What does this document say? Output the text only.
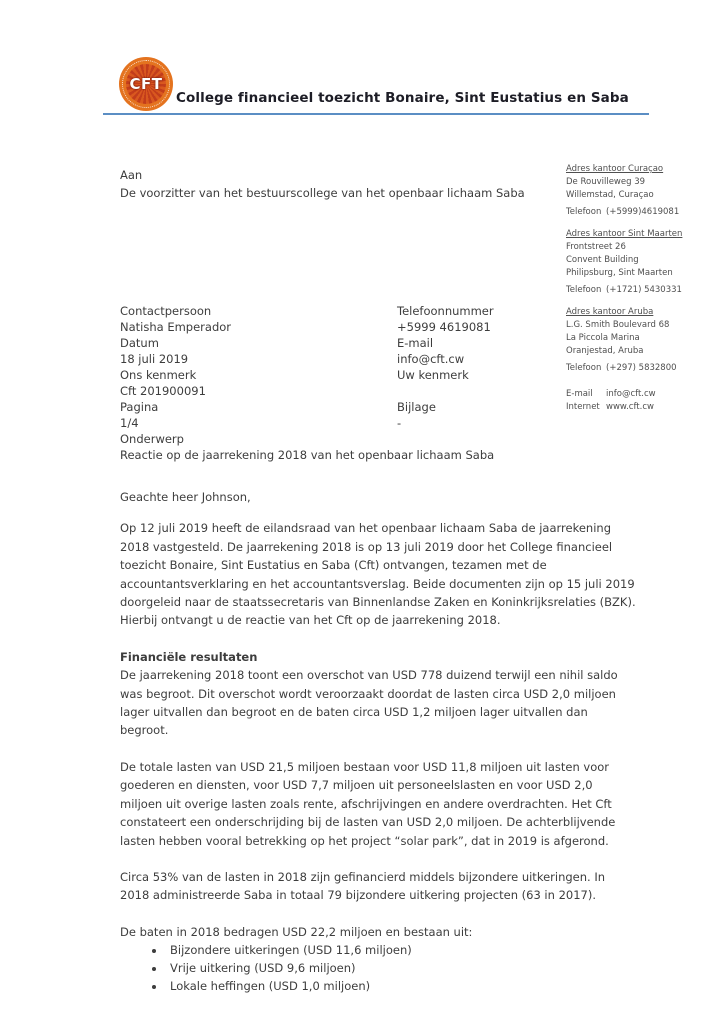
CFT
College financieel toezicht Bonaire, Sint Eustatius en Saba
Aan
De voorzitter van het bestuurscollege van het openbaar lichaam Saba
Adres kantoor Curaçao
De Rouvilleweg 39
Willemstad, Curaçao
Telefoon (+5999)4619081
Adres kantoor Sint Maarten
Frontstreet 26
Convent Building
Philipsburg, Sint Maarten
Telefoon (+1721) 5430331
Adres kantoor Aruba
L.G. Smith Boulevard 68
La Piccola Marina
Oranjestad, Aruba
Telefoon (+297) 5832800
E-mail	info@cft.cw
Internet www.cft.cw
Contactpersoon	Telefoonnummer
Natisha Emperador	+5999 4619081
Datum	E-mail
18 juli 2019	info@cft.cw
Ons kenmerk	Uw kenmerk
Cft 201900091
Pagina	Bijlage
1/4	-
Onderwerp
Reactie op de jaarrekening 2018 van het openbaar lichaam Saba

Geachte heer Johnson,

Op 12 juli 2019 heeft de eilandsraad van het openbaar lichaam Saba de jaarrekening 2018 vastgesteld. De jaarrekening 2018 is op 13 juli 2019 door het College financieel toezicht Bonaire, Sint Eustatius en Saba (Cft) ontvangen, tezamen met de accountantsverklaring en het accountantsverslag. Beide documenten zijn op 15 juli 2019 doorgeleid naar de staatssecretaris van Binnenlandse Zaken en Koninkrijksrelaties (BZK). Hierbij ontvangt u de reactie van het Cft op de jaarrekening 2018.

Financiële resultaten

De jaarrekening 2018 toont een overschot van USD 778 duizend terwijl een nihil saldo was begroot. Dit overschot wordt veroorzaakt doordat de lasten circa USD 2,0 miljoen lager uitvallen dan begroot en de baten circa USD 1,2 miljoen lager uitvallen dan begroot.

De totale lasten van USD 21,5 miljoen bestaan voor USD 11,8 miljoen uit lasten voor goederen en diensten, voor USD 7,7 miljoen uit personeelslasten en voor USD 2,0 miljoen uit overige lasten zoals rente, afschrijvingen en andere overdrachten. Het Cft constateert een onderschrijding bij de lasten van USD 2,0 miljoen. De achterblijvende lasten hebben vooral betrekking op het project “solar park”, dat in 2019 is afgerond.

Circa 53% van de lasten in 2018 zijn gefinancierd middels bijzondere uitkeringen. In 2018 administreerde Saba in totaal 79 bijzondere uitkering projecten (63 in 2017).

De baten in 2018 bedragen USD 22,2 miljoen en bestaan uit:

• Bijzondere uitkeringen (USD 11,6 miljoen)
• Vrije uitkering (USD 9,6 miljoen)
• Lokale heffingen (USD 1,0 miljoen)
